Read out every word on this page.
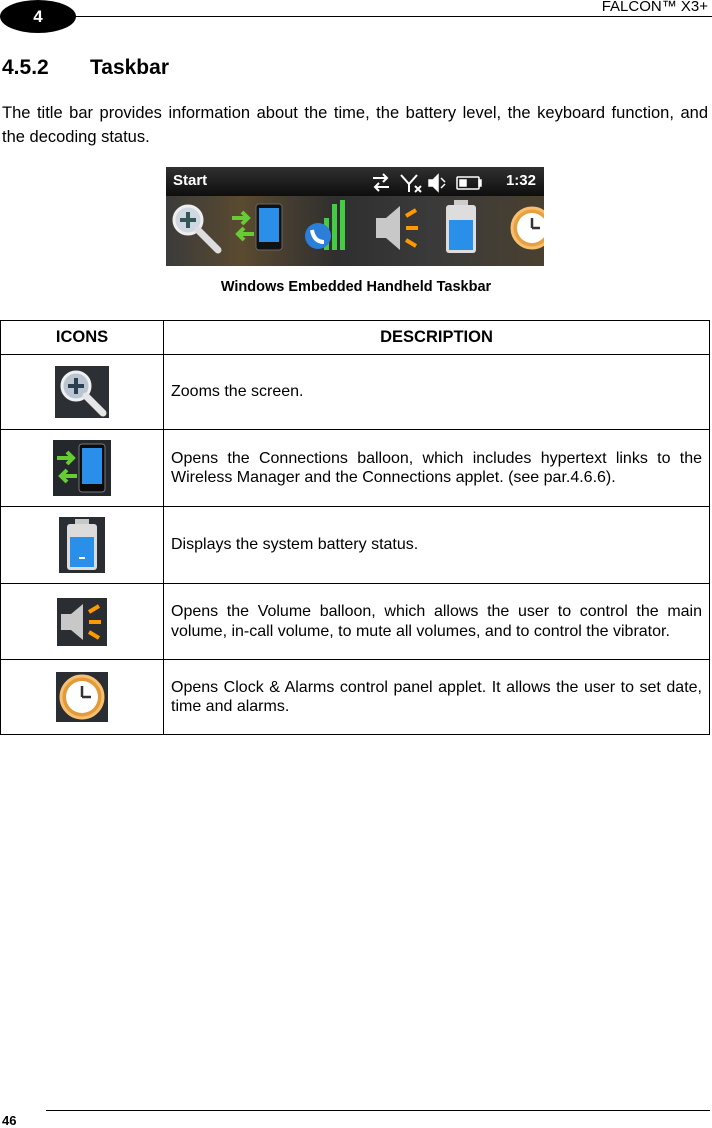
4	FALCON™ X3+
4.5.2 Taskbar

The title bar provides information about the time, the battery level, the keyboard function, and the decoding status.

Start	1:32
Windows Embedded Handheld Taskbar
ICONS	DESCRIPTION
	Zooms the screen.
	Opens the Connections balloon, which includes hypertext links to the Wireless Manager and the Connections applet. (see par.4.6.6).
	Displays the system battery status.
	Opens the Volume balloon, which allows the user to control the main volume, in-call volume, to mute all volumes, and to control the vibrator.
	Opens Clock & Alarms control panel applet. It allows the user to set date, time and alarms.
46
